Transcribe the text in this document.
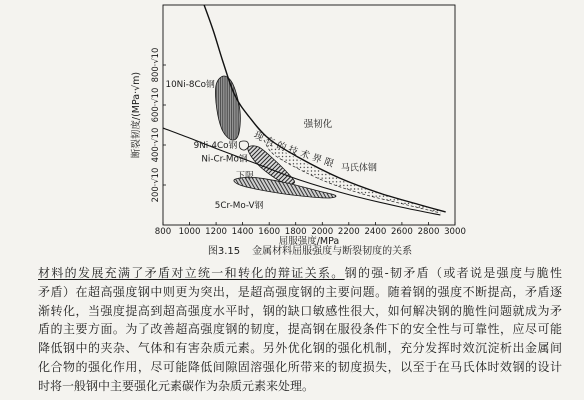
800 1000 1200 1400 1600 1800 2000 2200 2400 2600 2800 3000
200·√10
400·√10
600·√10
800·√10
10Ni-8Co钢
9Ni-4Co钢
Ni-Cr-Mo钢
5Cr-Mo-V钢
现有的技术界限
下限
马氏体钢
强韧化
断裂韧度/(MPa·√m)
屈服强度/MPa
图3.15 金属材料屈服强度与断裂韧度的关系
材料的发展充满了矛盾对立统一和转化的辩证关系。钢的强-韧矛盾（或者说是强度与脆性
矛盾）在超高强度钢中则更为突出，是超高强度钢的主要问题。随着钢的强度不断提高，矛盾逐
渐转化，当强度提高到超高强度水平时，钢的缺口敏感性很大，如何解决钢的脆性问题就成为矛
盾的主要方面。为了改善超高强度钢的韧度，提高钢在服役条件下的安全性与可靠性，应尽可能
降低钢中的夹杂、气体和有害杂质元素。另外优化钢的强化机制，充分发挥时效沉淀析出金属间
化合物的强化作用，尽可能降低间隙固溶强化所带来的韧度损失，以至于在马氏体时效钢的设计
时将一般钢中主要强化元素碳作为杂质元素来处理。
